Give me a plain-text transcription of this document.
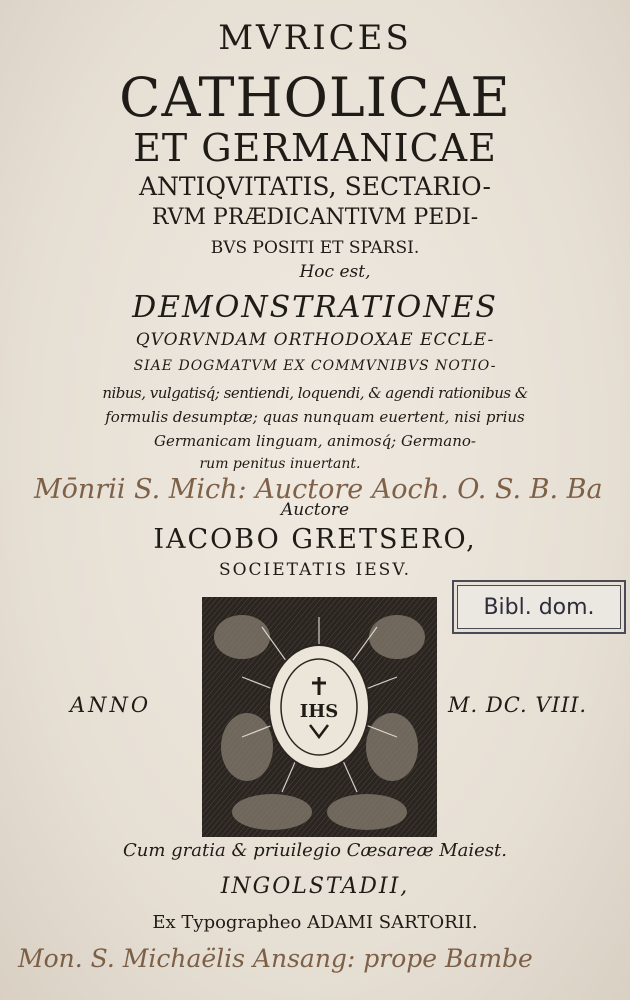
MVRICES
CATHOLICAE
ET GERMANICAE
ANTIQVITATIS, SECTARIO-
RVM PRÆDICANTIVM PEDI-
BVS POSITI ET SPARSI.
Hoc est,
DEMONSTRATIONES
QVORVNDAM ORTHODOXAE ECCLE-
SIAE DOGMATVM EX COMMVNIBVS NOTIO-
nibus, vulgatisq́; sentiendi, loquendi, & agendi rationibus &
formulis desumptæ; quas nunquam euertent, nisi prius
Germanicam linguam, animosq́; Germano-
rum penitus inuertant.
Mōnrii S. Mich: Auctore Aoch. O. S. B. Ba
Auctore
IACOBO GRETSERO,
SOCIETATIS IESV.
Bibl. dom.
IHS
ANNO	M. DC. VIII.
Cum gratia & priuilegio Cæsareæ Maiest.
INGOLSTADII,
Ex Typographeo ADAMI SARTORII.
Mon. S. Michaëlis Ansang: prope Bambe
